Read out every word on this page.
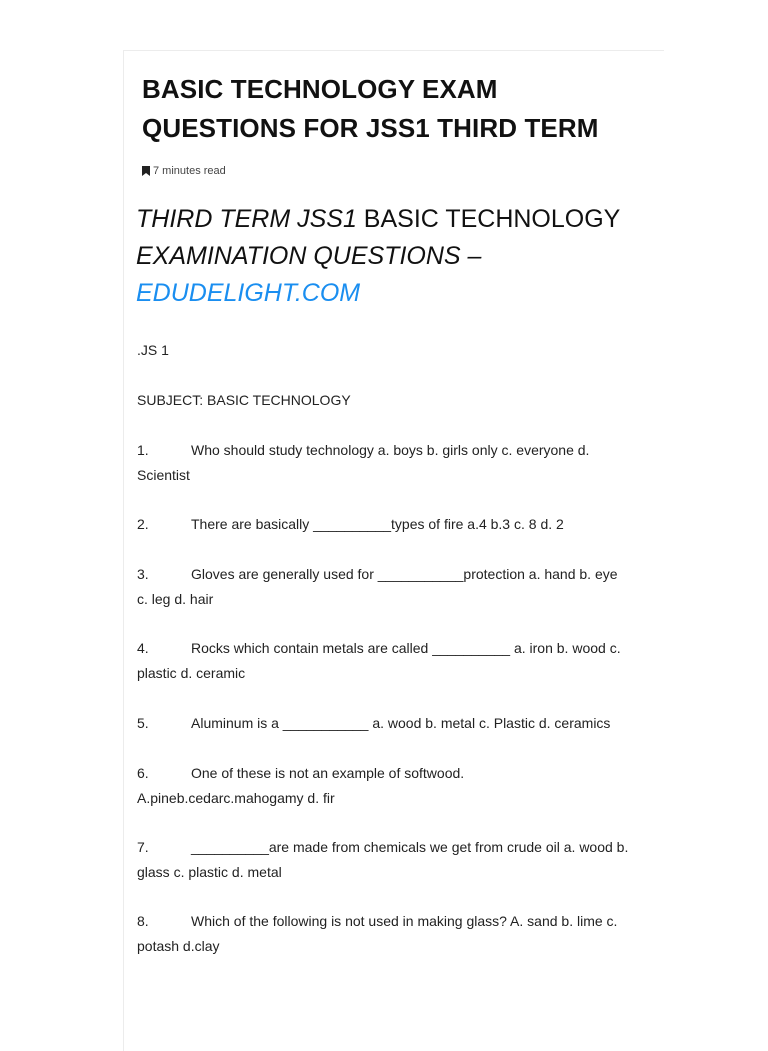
BASIC TECHNOLOGY EXAM QUESTIONS FOR JSS1 THIRD TERM
7 minutes read
THIRD TERM JSS1 BASIC TECHNOLOGY EXAMINATION QUESTIONS –
EDUDELIGHT.COM

.JS 1

SUBJECT: BASIC TECHNOLOGY

1.	Who should study technology a. boys b. girls only c. everyone d. Scientist

2.	There are basically __________types of fire a.4 b.3 c. 8 d. 2

3.	Gloves are generally used for ___________protection a. hand b. eye c. leg d. hair

4.	Rocks which contain metals are called __________ a. iron b. wood c. plastic d. ceramic

5.	Aluminum is a ___________ a. wood b. metal c. Plastic d. ceramics

6.	One of these is not an example of softwood. A.pineb.cedarc.mahogamy d. fir

7.	__________are made from chemicals we get from crude oil a. wood b. glass c. plastic d. metal

8.	Which of the following is not used in making glass? A. sand b. lime c. potash d.clay
